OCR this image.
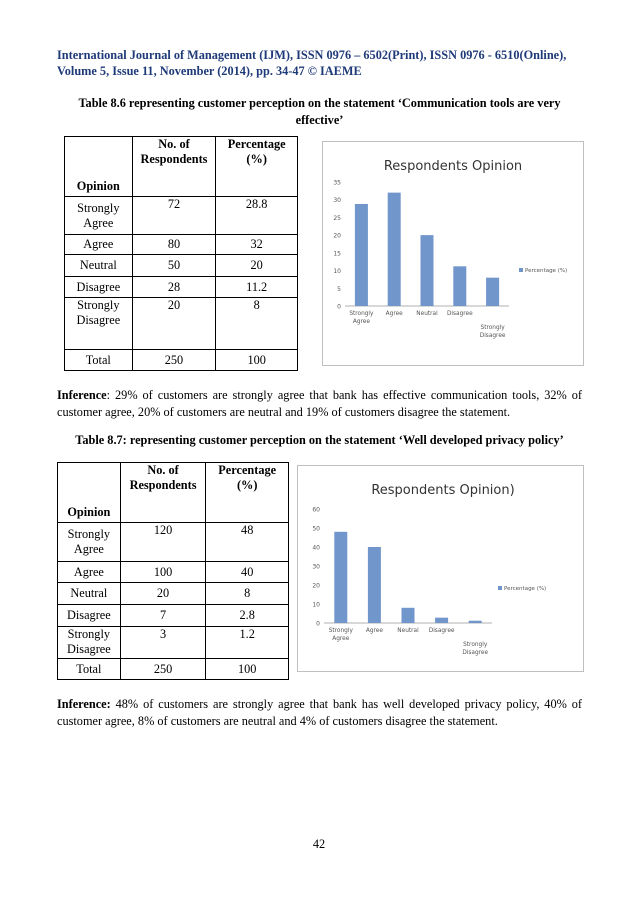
International Journal of Management (IJM), ISSN 0976 – 6502(Print), ISSN 0976 - 6510(Online),
Volume 5, Issue 11, November (2014), pp. 34-47 © IAEME
Table 8.6 representing customer perception on the statement ‘Communication tools are very
effective’
Opinion	No. of Respondents	Percentage (%)
Strongly Agree	72	28.8
Agree	80	32
Neutral	50	20
Disagree	28	11.2
Strongly Disagree	20	8
Total	250	100
Respondents Opinion
0
5
10
15
20
25
30
35
Strongly Agree
Agree Neutral Disagree
Strongly Disagree
Percentage (%)
Inference: 29% of customers are strongly agree that bank has effective communication tools, 32% of customer agree, 20% of customers are neutral and 19% of customers disagree the statement.
Table 8.7: representing customer perception on the statement ‘Well developed privacy policy’
Opinion	No. of Respondents	Percentage (%)
Strongly Agree	120	48
Agree	100	40
Neutral	20	8
Disagree	7	2.8
Strongly Disagree	3	1.2
Total	250	100
Respondents Opinion)
0
10
20
30
40
50
60
Strongly Agree
Agree Neutral Disagree
Strongly Disagree
Percentage (%)
Inference: 48% of customers are strongly agree that bank has well developed privacy policy, 40% of customer agree, 8% of customers are neutral and 4% of customers disagree the statement.
42
